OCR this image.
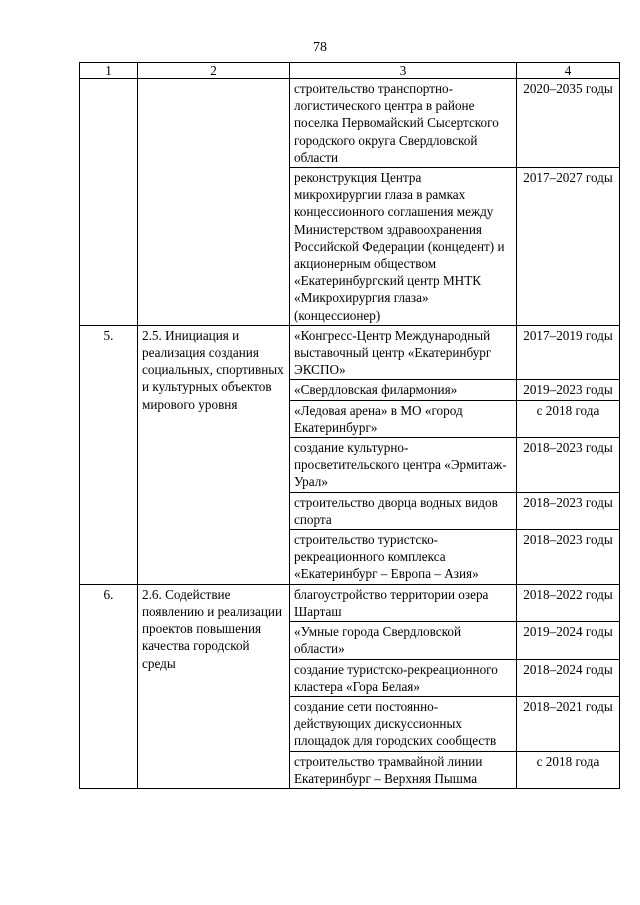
78
1	2	3	4
		строительство транспортно-логистического центра в районе поселка Первомайский Сысертского городского округа Свердловской области	2020–2035 годы
		реконструкция Центра микрохирургии глаза в рамках концессионного соглашения между Министерством здравоохранения Российской Федерации (концедент) и акционерным обществом «Екатеринбургский центр МНТК «Микрохирургия глаза» (концессионер)	2017–2027 годы
5.	2.5. Инициация и реализация создания социальных, спортивных и культурных объектов мирового уровня	«Конгресс-Центр Международный выставочный центр «Екатеринбург ЭКСПО»	2017–2019 годы
		«Свердловская филармония»	2019–2023 годы
		«Ледовая арена» в МО «город Екатеринбург»	с 2018 года
		создание культурно-просветительского центра «Эрмитаж-Урал»	2018–2023 годы
		строительство дворца водных видов спорта	2018–2023 годы
		строительство туристско-рекреационного комплекса «Екатеринбург – Европа – Азия»	2018–2023 годы
6.	2.6. Содействие появлению и реализации проектов повышения качества городской среды	благоустройство территории озера Шарташ	2018–2022 годы
		«Умные города Свердловской области»	2019–2024 годы
		создание туристско-рекреационного кластера «Гора Белая»	2018–2024 годы
		создание сети постоянно-действующих дискуссионных площадок для городских сообществ	2018–2021 годы
		строительство трамвайной линии Екатеринбург – Верхняя Пышма	с 2018 года
